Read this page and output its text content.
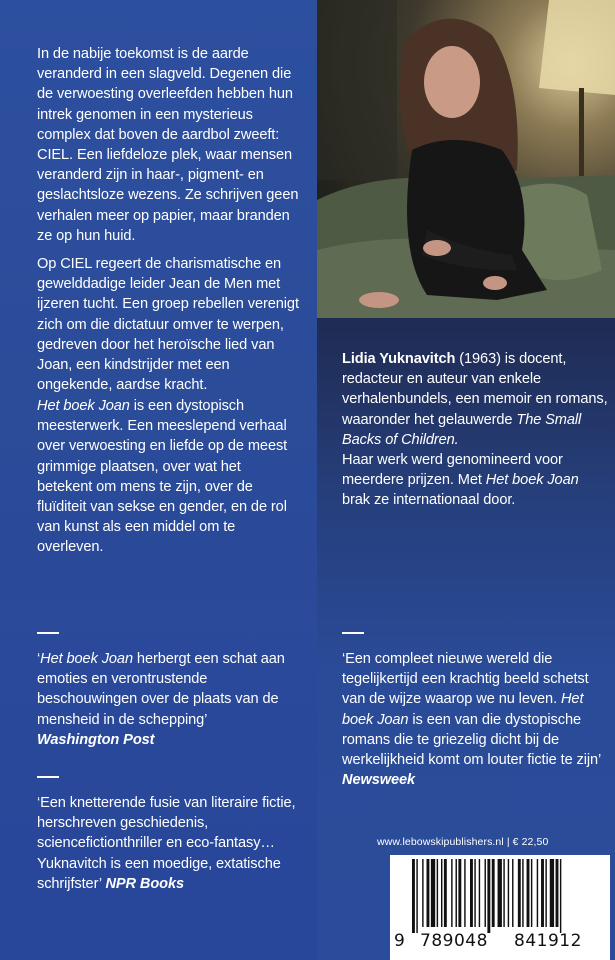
In de nabije toekomst is de aarde veranderd in een slagveld. Degenen die de verwoesting overleefden hebben hun intrek genomen in een mysterieus complex dat boven de aardbol zweeft: CIEL. Een liefdeloze plek, waar mensen veranderd zijn in haar-, pigment- en geslachtsloze wezens. Ze schrijven geen verhalen meer op papier, maar branden ze op hun huid.

Op CIEL regeert de charismatische en gewelddadige leider Jean de Men met ijzeren tucht. Een groep rebellen verenigt zich om die dictatuur omver te werpen, gedreven door het heroïsche lied van Joan, een kindstrijder met een ongekende, aardse kracht.

Het boek Joan is een dystopisch meesterwerk. Een meeslepend verhaal over verwoesting en liefde op de meest grimmige plaatsen, over wat het betekent om mens te zijn, over de fluïditeit van sekse en gender, en de rol van kunst als een middel om te overleven.

Lidia Yuknavitch (1963) is docent, redacteur en auteur van enkele verhalenbundels, een memoir en romans, waaronder het gelauwerde The Small Backs of Children.
Haar werk werd genomineerd voor meerdere prijzen. Met Het boek Joan brak ze internationaal door.

‘Het boek Joan herbergt een schat aan emoties en verontrustende beschouwingen over de plaats van de mensheid in de schepping’
Washington Post

‘Een knetterende fusie van literaire fictie, herschreven geschiedenis, sciencefictionthriller en eco-fantasy… Yuknavitch is een moedige, extatische schrijfster’ NPR Books

‘Een compleet nieuwe wereld die tegelijkertijd een krachtig beeld schetst van de wijze waarop we nu leven. Het boek Joan is een van die dystopische romans die te griezelig dicht bij de werkelijkheid komt om louter fictie te zijn’ Newsweek

www.lebowskipublishers.nl | € 22,50
9 789048 841912
